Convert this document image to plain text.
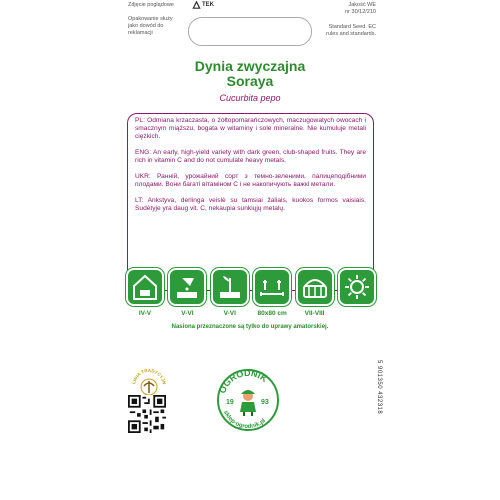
Zdjęcie poglądowe
Opakowanie służy jako dowód do reklamacji
TEK	Jakość WE
nr 30/12/210
Standard Seed. EC rules and standards.
Dynia zwyczajna
Soraya
Cucurbita pepo

PL: Odmiana krzaczasta, o żółtopomarańczowych, maczugowatych owocach i smacznym miąższu, bogata w witaminy i sole mineralne. Nie kumuluje metali ciężkich.

ENG: An early, high-yield variety with dark green, club-shaped fruits. They are rich in vitamin C and do not cumulate heavy metals.

UKR: Ранній, урожайний сорт з темно-зеленими, палицеподібними плодами. Вони багаті вітаміном С і не накопичують важкі метали.

LT: Ankstyva, derlinga veislė su tamsiai žaliais, kuokos formos vaisiais. Sudėtyje yra daug vit. C, nekaupia sunkiųjų metalų.

IV-V	V-VI	V-VI	80x80 cm	VII-VIII
Nasiona przeznaczone są tylko do uprawy amatorskiej.
LINIA TRADYCYJN
OGRODNIK
sklep-ogrodnik.pl
19	93	5 901350 432318
